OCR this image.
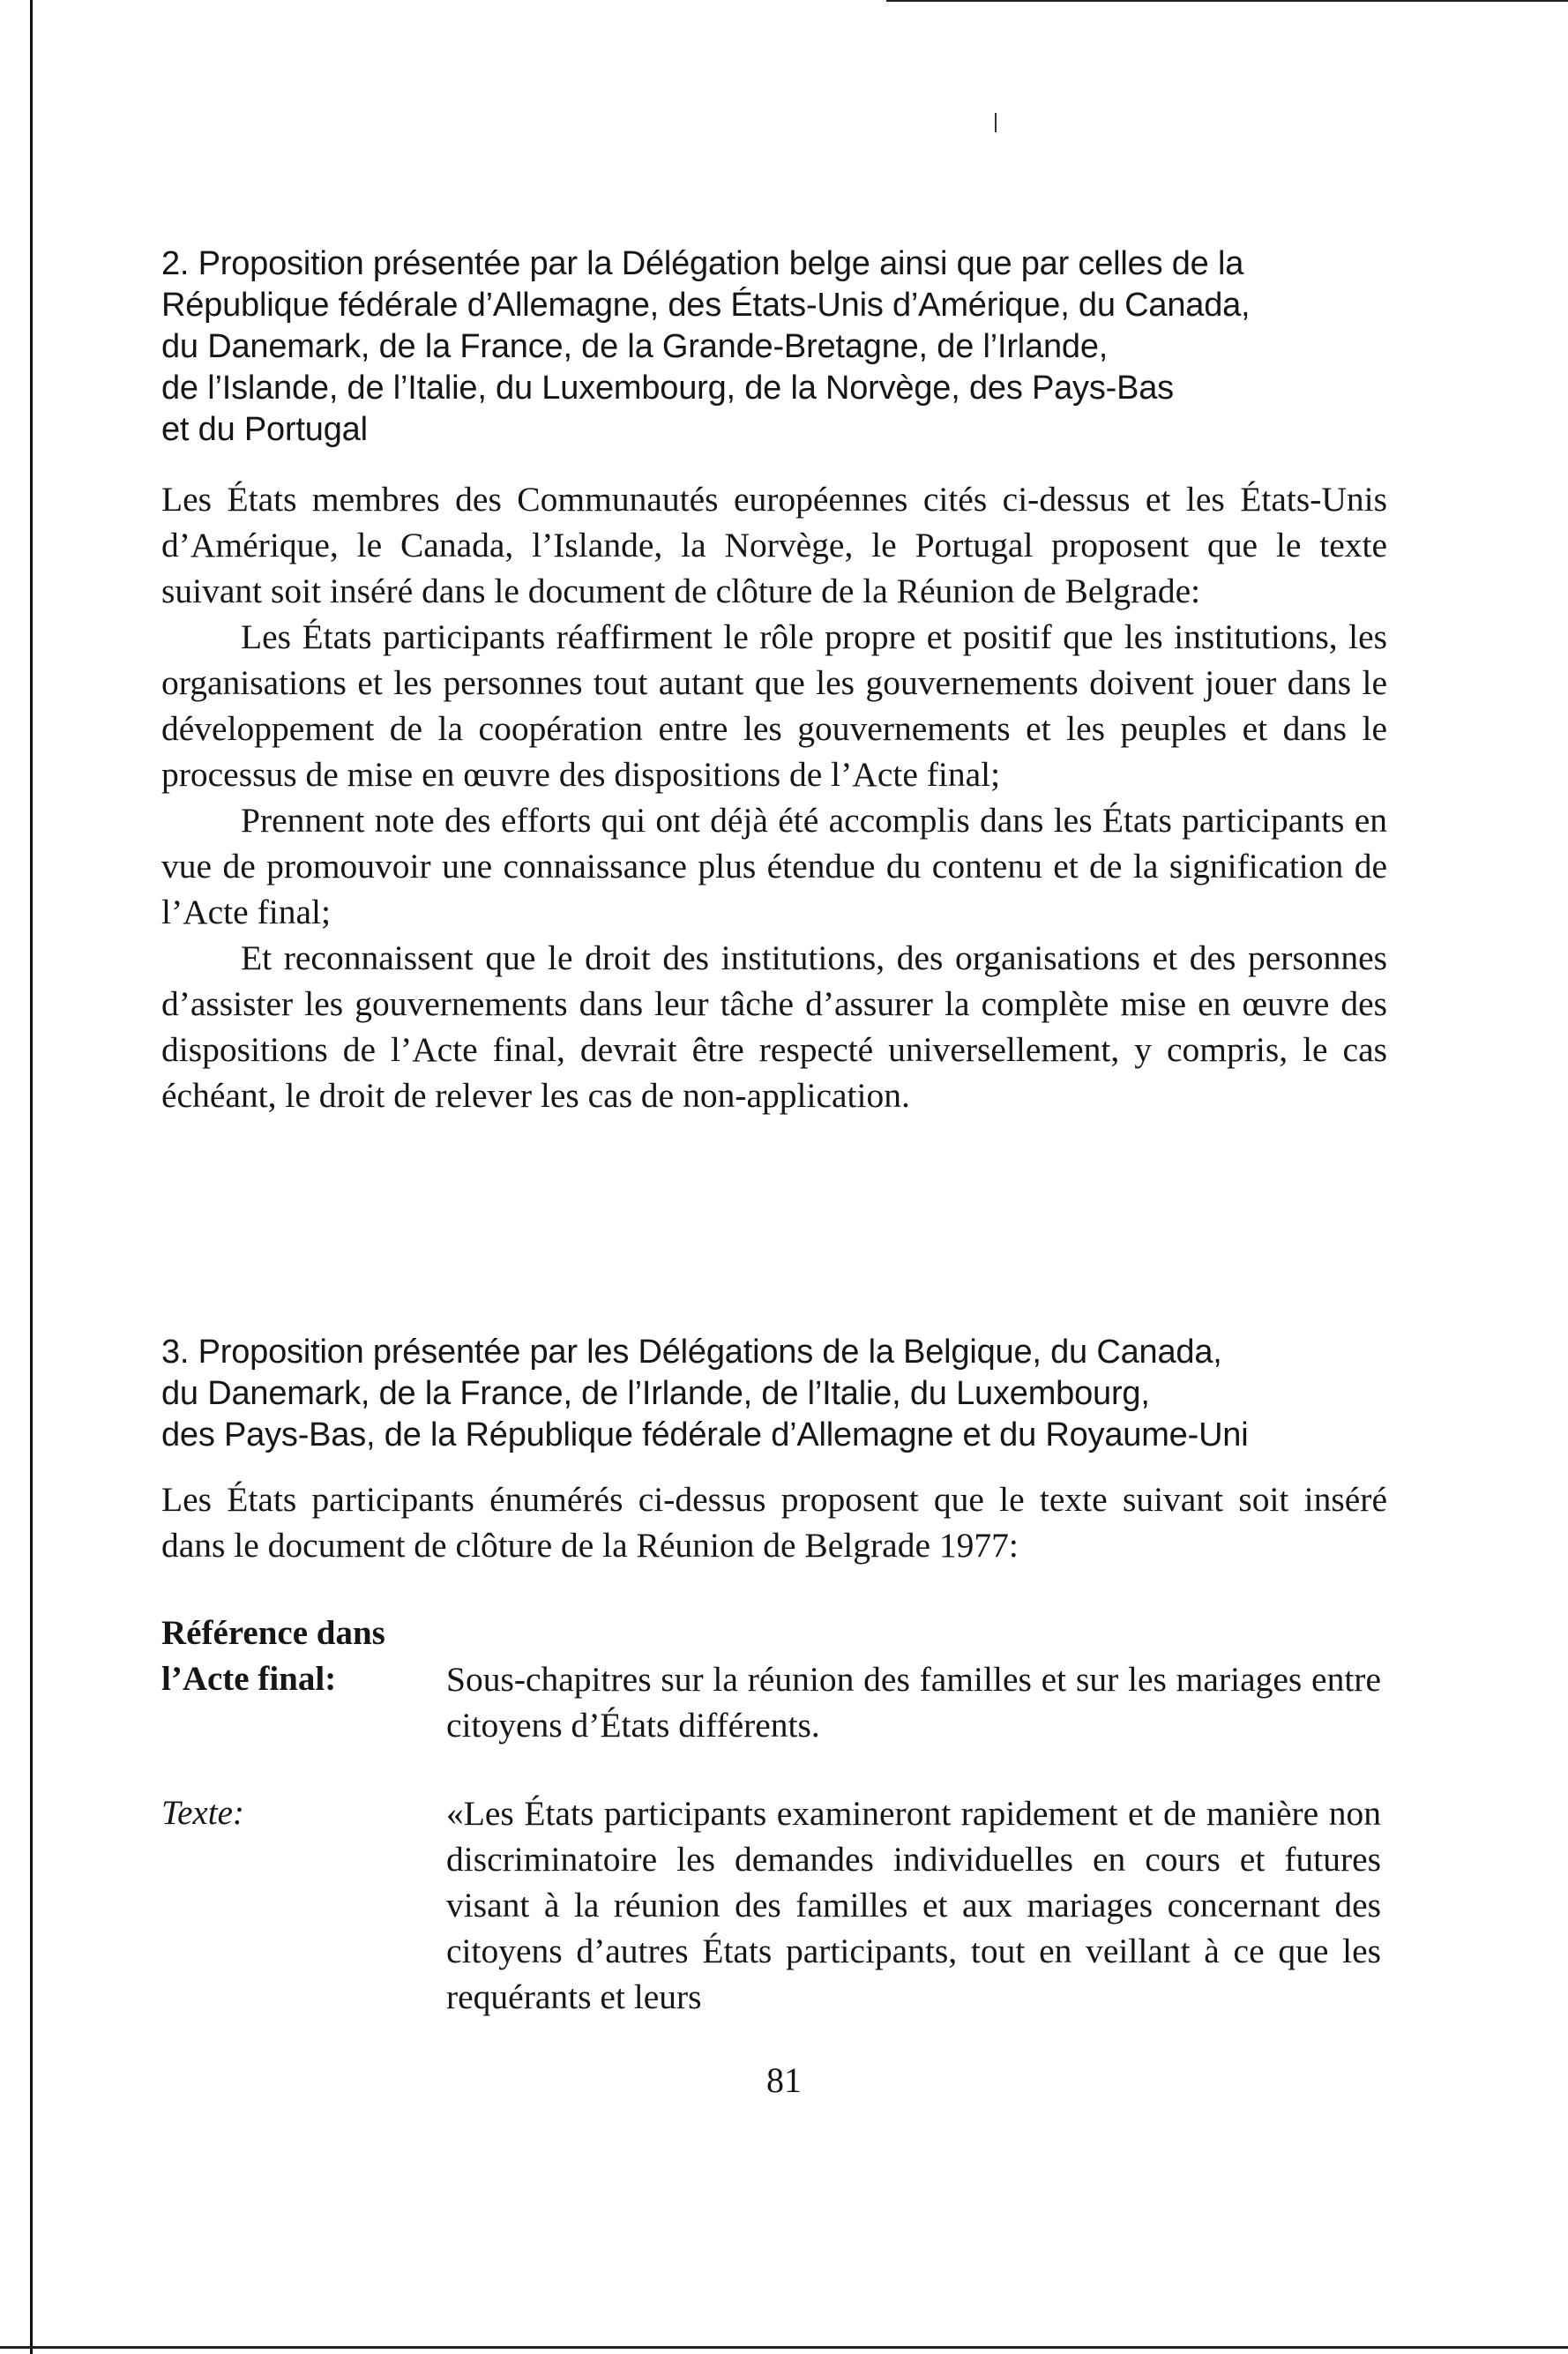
2. Proposition présentée par la Délégation belge ainsi que par celles de la
République fédérale d’Allemagne, des États-Unis d’Amérique, du Canada,
du Danemark, de la France, de la Grande-Bretagne, de l’Irlande,
de l’Islande, de l’Italie, du Luxembourg, de la Norvège, des Pays-Bas
et du Portugal

Les États membres des Communautés européennes cités ci-dessus et les États-Unis d’Amérique, le Canada, l’Islande, la Norvège, le Portugal proposent que le texte suivant soit inséré dans le document de clôture de la Réunion de Belgrade:

Les États participants réaffirment le rôle propre et positif que les institutions, les organisations et les personnes tout autant que les gouvernements doivent jouer dans le développement de la coopération entre les gouvernements et les peuples et dans le processus de mise en œuvre des dispositions de l’Acte final;

Prennent note des efforts qui ont déjà été accomplis dans les États participants en vue de promouvoir une connaissance plus étendue du contenu et de la signification de l’Acte final;

Et reconnaissent que le droit des institutions, des organisations et des personnes d’assister les gouvernements dans leur tâche d’assurer la complète mise en œuvre des dispositions de l’Acte final, devrait être respecté universellement, y compris, le cas échéant, le droit de relever les cas de non-application.

3. Proposition présentée par les Délégations de la Belgique, du Canada,
du Danemark, de la France, de l’Irlande, de l’Italie, du Luxembourg,
des Pays-Bas, de la République fédérale d’Allemagne et du Royaume-Uni

Les États participants énumérés ci-dessus proposent que le texte suivant soit inséré dans le document de clôture de la Réunion de Belgrade 1977:

Référence dans
l’Acte final:	Sous-chapitres sur la réunion des familles et sur les mariages entre citoyens d’États différents.

Texte:	«Les États participants examineront rapidement et de manière non discriminatoire les demandes individuelles en cours et futures visant à la réunion des familles et aux mariages concernant des citoyens d’autres États participants, tout en veillant à ce que les requérants et leurs

81
